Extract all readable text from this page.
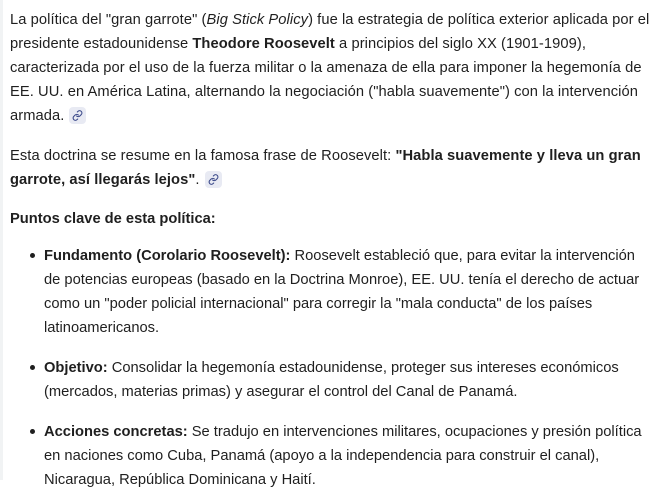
La política del "gran garrote" (Big Stick Policy) fue la estrategia de política exterior aplicada por el presidente estadounidense Theodore Roosevelt a principios del siglo XX (1901-1909), caracterizada por el uso de la fuerza militar o la amenaza de ella para imponer la hegemonía de EE. UU. en América Latina, alternando la negociación ("habla suavemente") con la intervención armada.

Esta doctrina se resume en la famosa frase de Roosevelt: "Habla suavemente y lleva un gran garrote, así llegarás lejos".

Puntos clave de esta política:
Fundamento (Corolario Roosevelt): Roosevelt estableció que, para evitar la intervención de potencias europeas (basado en la Doctrina Monroe), EE. UU. tenía el derecho de actuar como un "poder policial internacional" para corregir la "mala conducta" de los países latinoamericanos.
Objetivo: Consolidar la hegemonía estadounidense, proteger sus intereses económicos (mercados, materias primas) y asegurar el control del Canal de Panamá.
Acciones concretas: Se tradujo en intervenciones militares, ocupaciones y presión política en naciones como Cuba, Panamá (apoyo a la independencia para construir el canal), Nicaragua, República Dominicana y Haití.
